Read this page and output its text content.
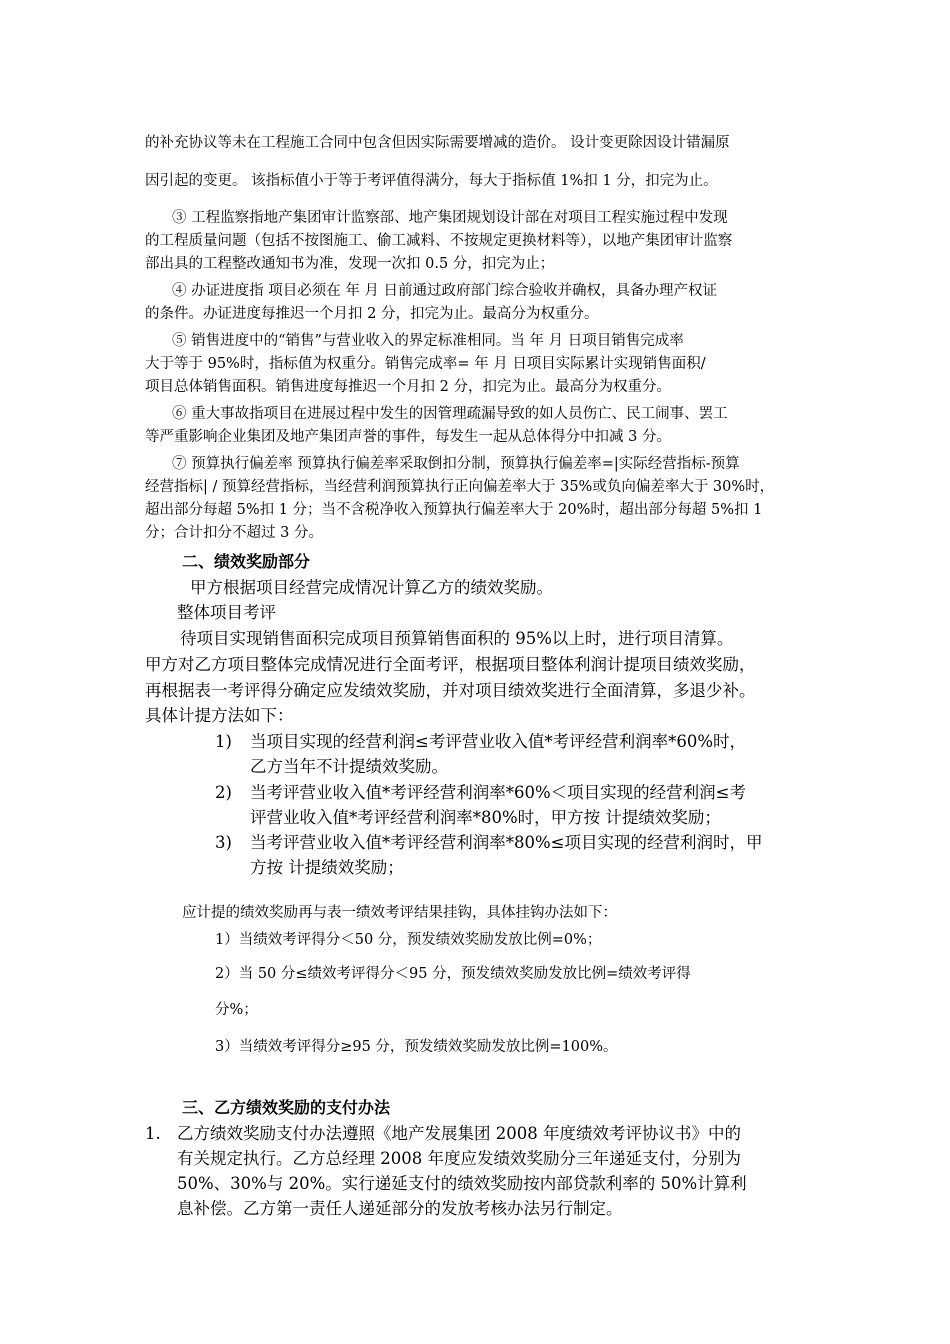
的补充协议等未在工程施工合同中包含但因实际需要增减的造价。 设计变更除因设计错漏原
因引起的变更。 该指标值小于等于考评值得满分，每大于指标值 1%扣 1 分，扣完为止。
③ 工程监察指地产集团审计监察部、地产集团规划设计部在对项目工程实施过程中发现
的工程质量问题（包括不按图施工、偷工减料、不按规定更换材料等），以地产集团审计监察
部出具的工程整改通知书为准，发现一次扣 0.5 分，扣完为止；
④ 办证进度指 项目必须在 年 月 日前通过政府部门综合验收并确权，具备办理产权证
的条件。办证进度每推迟一个月扣 2 分，扣完为止。最高分为权重分。
⑤ 销售进度中的“销售”与营业收入的界定标准相同。当 年 月 日项目销售完成率
大于等于 95%时，指标值为权重分。销售完成率= 年 月 日项目实际累计实现销售面积/
项目总体销售面积。销售进度每推迟一个月扣 2 分，扣完为止。最高分为权重分。
⑥ 重大事故指项目在进展过程中发生的因管理疏漏导致的如人员伤亡、民工闹事、罢工
等严重影响企业集团及地产集团声誉的事件，每发生一起从总体得分中扣减 3 分。
⑦ 预算执行偏差率 预算执行偏差率采取倒扣分制，预算执行偏差率=|实际经营指标-预算
经营指标| / 预算经营指标，当经营利润预算执行正向偏差率大于 35%或负向偏差率大于 30%时，
超出部分每超 5%扣 1 分；当不含税净收入预算执行偏差率大于 20%时，超出部分每超 5%扣 1
分；合计扣分不超过 3 分。
二、绩效奖励部分
甲方根据项目经营完成情况计算乙方的绩效奖励。
整体项目考评
待项目实现销售面积完成项目预算销售面积的 95%以上时，进行项目清算。
甲方对乙方项目整体完成情况进行全面考评，根据项目整体利润计提项目绩效奖励，
再根据表一考评得分确定应发绩效奖励，并对项目绩效奖进行全面清算，多退少补。
具体计提方法如下：
1) 当项目实现的经营利润≤考评营业收入值*考评经营利润率*60%时，
乙方当年不计提绩效奖励。
2) 当考评营业收入值*考评经营利润率*60%＜项目实现的经营利润≤考
评营业收入值*考评经营利润率*80%时，甲方按 计提绩效奖励；
3) 当考评营业收入值*考评经营利润率*80%≤项目实现的经营利润时，甲
方按 计提绩效奖励；
应计提的绩效奖励再与表一绩效考评结果挂钩，具体挂钩办法如下：
1）当绩效考评得分＜50 分，预发绩效奖励发放比例=0%；
2）当 50 分≤绩效考评得分＜95 分，预发绩效奖励发放比例=绩效考评得
分%；
3）当绩效考评得分≥95 分，预发绩效奖励发放比例=100%。
三、乙方绩效奖励的支付办法
1. 乙方绩效奖励支付办法遵照《地产发展集团 2008 年度绩效考评协议书》中的
有关规定执行。乙方总经理 2008 年度应发绩效奖励分三年递延支付，分别为
50%、30%与 20%。实行递延支付的绩效奖励按内部贷款利率的 50%计算利
息补偿。乙方第一责任人递延部分的发放考核办法另行制定。
